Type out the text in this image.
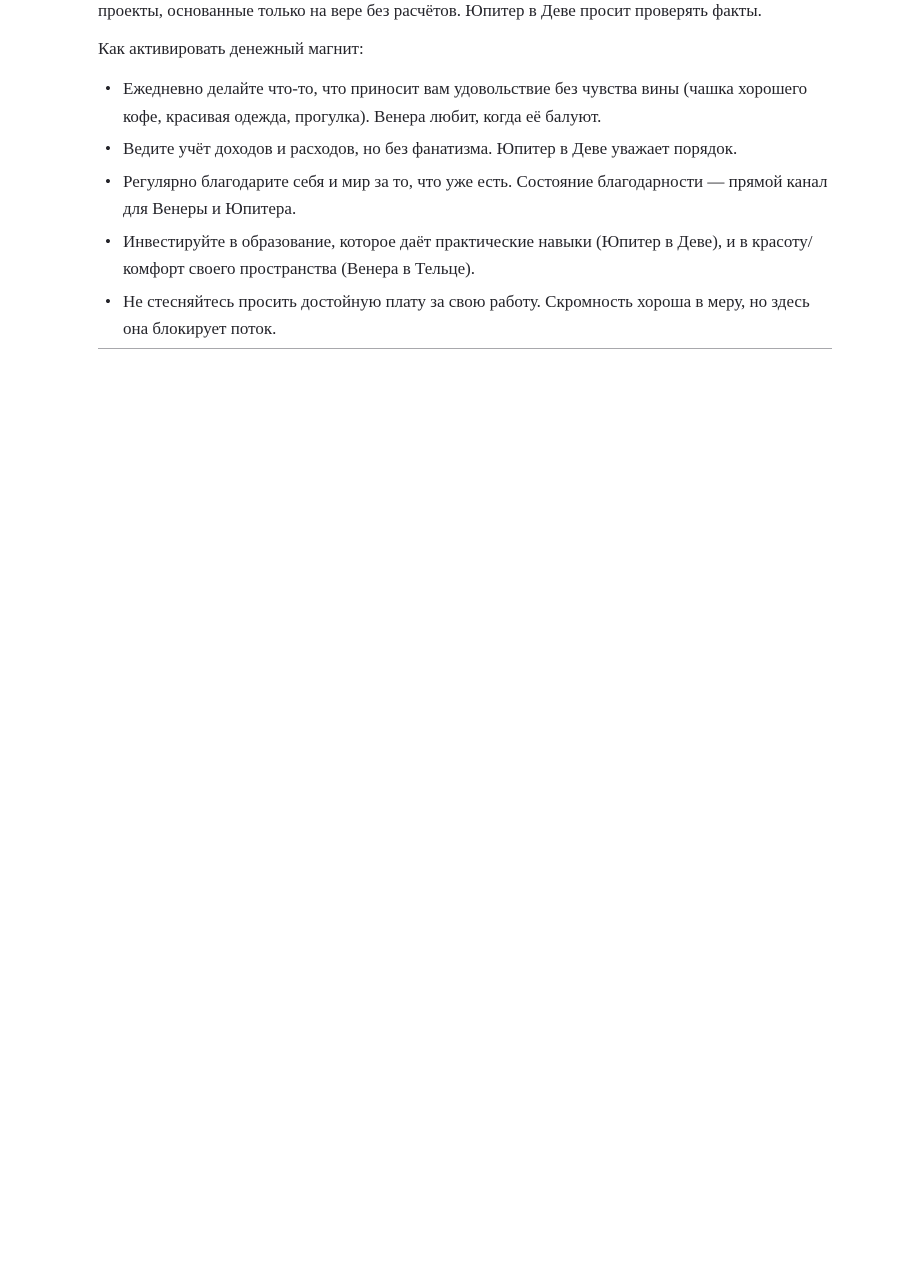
проекты, основанные только на вере без расчётов. Юпитер в Деве просит проверять факты.

Как активировать денежный магнит:

• Ежедневно делайте что-то, что приносит вам удовольствие без чувства вины (чашка хорошего кофе, красивая одежда, прогулка). Венера любит, когда её балуют.
• Ведите учёт доходов и расходов, но без фанатизма. Юпитер в Деве уважает порядок.
• Регулярно благодарите себя и мир за то, что уже есть. Состояние благодарности — прямой канал для Венеры и Юпитера.
• Инвестируйте в образование, которое даёт практические навыки (Юпитер в Деве), и в красоту/ комфорт своего пространства (Венера в Тельце).
• Не стесняйтесь просить достойную плату за свою работу. Скромность хороша в меру, но здесь она блокирует поток.
